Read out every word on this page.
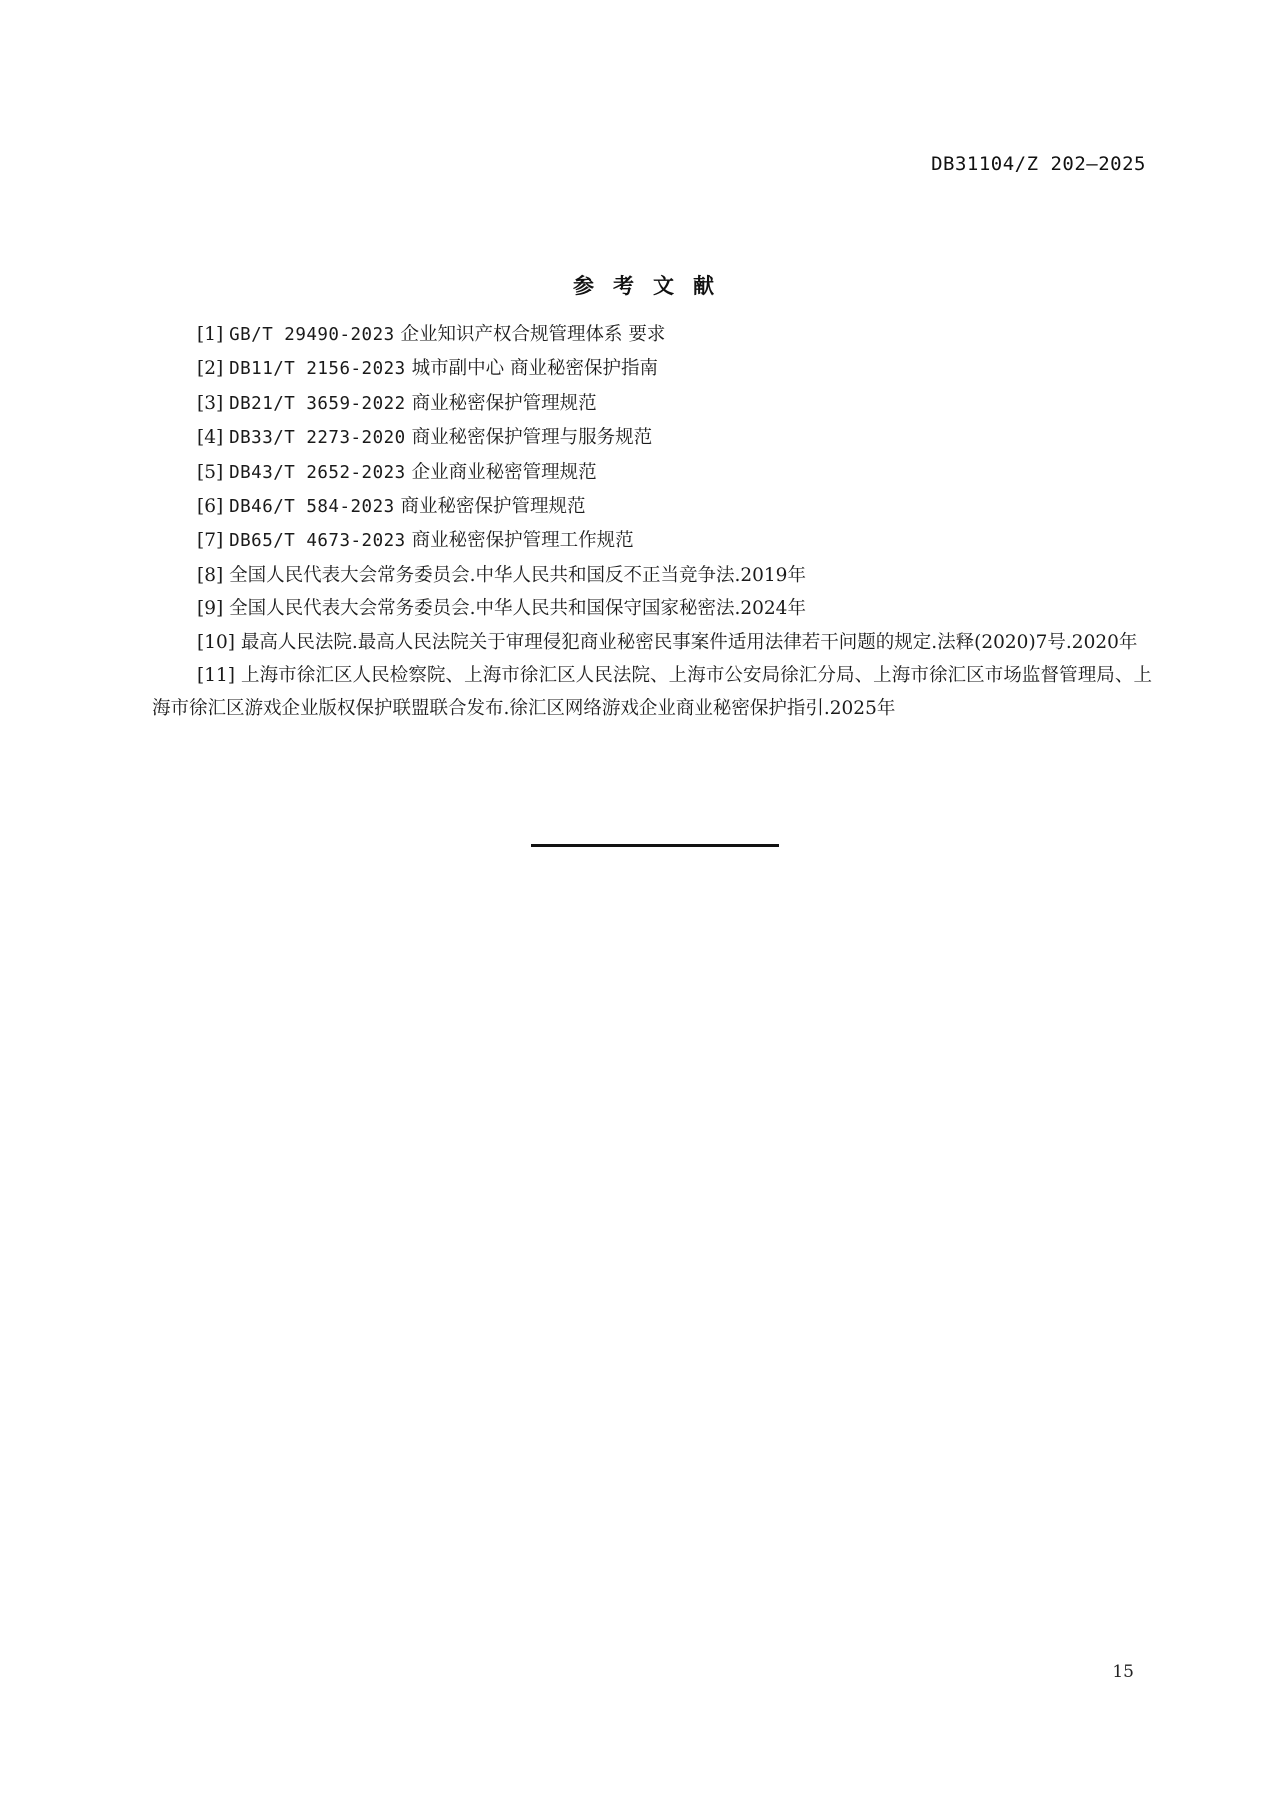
DB31104/Z 202—2025
参考文献

[1] GB/T 29490-2023 企业知识产权合规管理体系 要求

[2] DB11/T 2156-2023 城市副中心 商业秘密保护指南

[3] DB21/T 3659-2022 商业秘密保护管理规范

[4] DB33/T 2273-2020 商业秘密保护管理与服务规范

[5] DB43/T 2652-2023 企业商业秘密管理规范

[6] DB46/T 584-2023 商业秘密保护管理规范

[7] DB65/T 4673-2023 商业秘密保护管理工作规范

[8] 全国人民代表大会常务委员会.中华人民共和国反不正当竞争法.2019年

[9] 全国人民代表大会常务委员会.中华人民共和国保守国家秘密法.2024年

[10] 最高人民法院.最高人民法院关于审理侵犯商业秘密民事案件适用法律若干问题的规定.法释(2020)7号.2020年

[11] 上海市徐汇区人民检察院、上海市徐汇区人民法院、上海市公安局徐汇分局、上海市徐汇区市场监督管理局、上海市徐汇区游戏企业版权保护联盟联合发布.徐汇区网络游戏企业商业秘密保护指引.2025年

15
